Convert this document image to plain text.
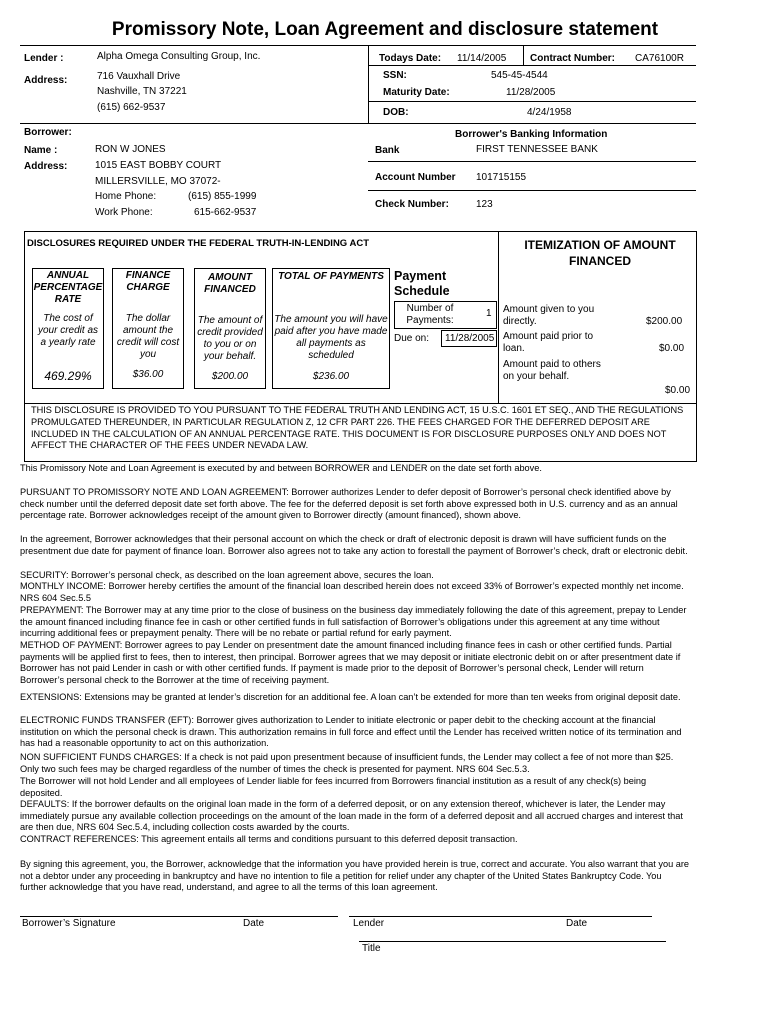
Promissory Note, Loan Agreement and disclosure statement
Lender :	Alpha Omega Consulting Group, Inc.
Address:	716 Vauxhall Drive
Nashville, TN 37221
(615) 662-9537
Todays Date: 11/14/2005 Contract Number: CA76100R
SSN:	545-45-4544
Maturity Date:	11/28/2005
DOB:	4/24/1958
Borrower:
Name :	RON W JONES
Address:	1015 EAST BOBBY COURT
MILLERSVILLE, MO 37072-
Home Phone:	(615) 855-1999
Work Phone:	615-662-9537
Borrower's Banking Information
Bank	FIRST TENNESSEE BANK
Account Number 101715155
Check Number:	123
DISCLOSURES REQUIRED UNDER THE FEDERAL TRUTH-IN-LENDING ACT
ANNUAL PERCENTAGE RATE
The cost of your credit as a yearly rate
469.29%
FINANCE CHARGE
The dollar amount the credit will cost you
$36.00
AMOUNT FINANCED
The amount of credit provided to you or on your behalf.
$200.00
TOTAL OF PAYMENTS
The amount you will have paid after you have made all payments as scheduled
$236.00
Payment Schedule
Number of Payments:
1
Due on: 11/28/2005
ITEMIZATION OF AMOUNT FINANCED
Amount given to you directly.	$200.00
Amount paid prior to loan.	$0.00
Amount paid to others on your behalf.
$0.00
THIS DISCLOSURE IS PROVIDED TO YOU PURSUANT TO THE FEDERAL TRUTH AND LENDING ACT, 15 U.S.C. 1601 ET SEQ., AND THE REGULATIONS PROMULGATED THEREUNDER, IN PARTICULAR REGULATION Z, 12 CFR PART 226. THE FEES CHARGED FOR THE DEFERRED DEPOSIT ARE INCLUDED IN THE CALCULATION OF AN ANNUAL PERCENTAGE RATE. THIS DOCUMENT IS FOR DISCLOSURE PURPOSES ONLY AND DOES NOT AFFECT THE CHARACTER OF THE FEES UNDER NEVADA LAW.
This Promissory Note and Loan Agreement is executed by and between BORROWER and LENDER on the date set forth above.
PURSUANT TO PROMISSORY NOTE AND LOAN AGREEMENT: Borrower authorizes Lender to defer deposit of Borrower’s personal check identified above by check number until the deferred deposit date set forth above. The fee for the deferred deposit is set forth above expressed both in U.S. currency and as an annual percentage rate. Borrower acknowledges receipt of the amount given to Borrower directly (amount financed), shown above.
In the agreement, Borrower acknowledges that their personal account on which the check or draft of electronic deposit is drawn will have sufficient funds on the presentment due date for payment of finance loan. Borrower also agrees not to take any action to forestall the payment of Borrower’s check, draft or electronic debit.
SECURITY: Borrower’s personal check, as described on the loan agreement above, secures the loan.
MONTHLY INCOME: Borrower hereby certifies the amount of the financial loan described herein does not exceed 33% of Borrower’s expected monthly net income. NRS 604 Sec.5.5
PREPAYMENT: The Borrower may at any time prior to the close of business on the business day immediately following the date of this agreement, prepay to Lender the amount financed including finance fee in cash or other certified funds in full satisfaction of Borrower’s obligations under this agreement at any time without incurring additional fees or prepayment penalty. There will be no rebate or partial refund for early payment.
METHOD OF PAYMENT: Borrower agrees to pay Lender on presentment date the amount financed including finance fees in cash or other certified funds. Partial payments will be applied first to fees, then to interest, then principal. Borrower agrees that we may deposit or initiate electronic debit on or after presentment date if Borrower has not paid Lender in cash or with other certified funds. If payment is made prior to the deposit of Borrower’s personal check, Lender will return Borrower’s personal check to the Borrower at the time of receiving payment.
EXTENSIONS: Extensions may be granted at lender’s discretion for an additional fee. A loan can’t be extended for more than ten weeks from original deposit date.
ELECTRONIC FUNDS TRANSFER (EFT): Borrower gives authorization to Lender to initiate electronic or paper debit to the checking account at the financial institution on which the personal check is drawn. This authorization remains in full force and effect until the Lender has received written notice of its termination and has had a reasonable opportunity to act on this authorization.
NON SUFFICIENT FUNDS CHARGES: If a check is not paid upon presentment because of insufficient funds, the Lender may collect a fee of not more than $25. Only two such fees may be charged regardless of the number of times the check is presented for payment. NRS 604 Sec.5.3.
The Borrower will not hold Lender and all employees of Lender liable for fees incurred from Borrowers financial institution as a result of any check(s) being deposited.
DEFAULTS: If the borrower defaults on the original loan made in the form of a deferred deposit, or on any extension thereof, whichever is later, the Lender may immediately pursue any available collection proceedings on the amount of the loan made in the form of a deferred deposit and all accrued charges and interest that are then due, NRS 604 Sec.5.4, including collection costs awarded by the courts.
CONTRACT REFERENCES: This agreement entails all terms and conditions pursuant to this deferred deposit transaction.
By signing this agreement, you, the Borrower, acknowledge that the information you have provided herein is true, correct and accurate. You also warrant that you are not a debtor under any proceeding in bankruptcy and have no intention to file a petition for relief under any chapter of the United States Bankruptcy Code. You further acknowledge that you have read, understand, and agree to all the terms of this loan agreement.
Borrower’s Signature	Date	Lender	Date
Title
